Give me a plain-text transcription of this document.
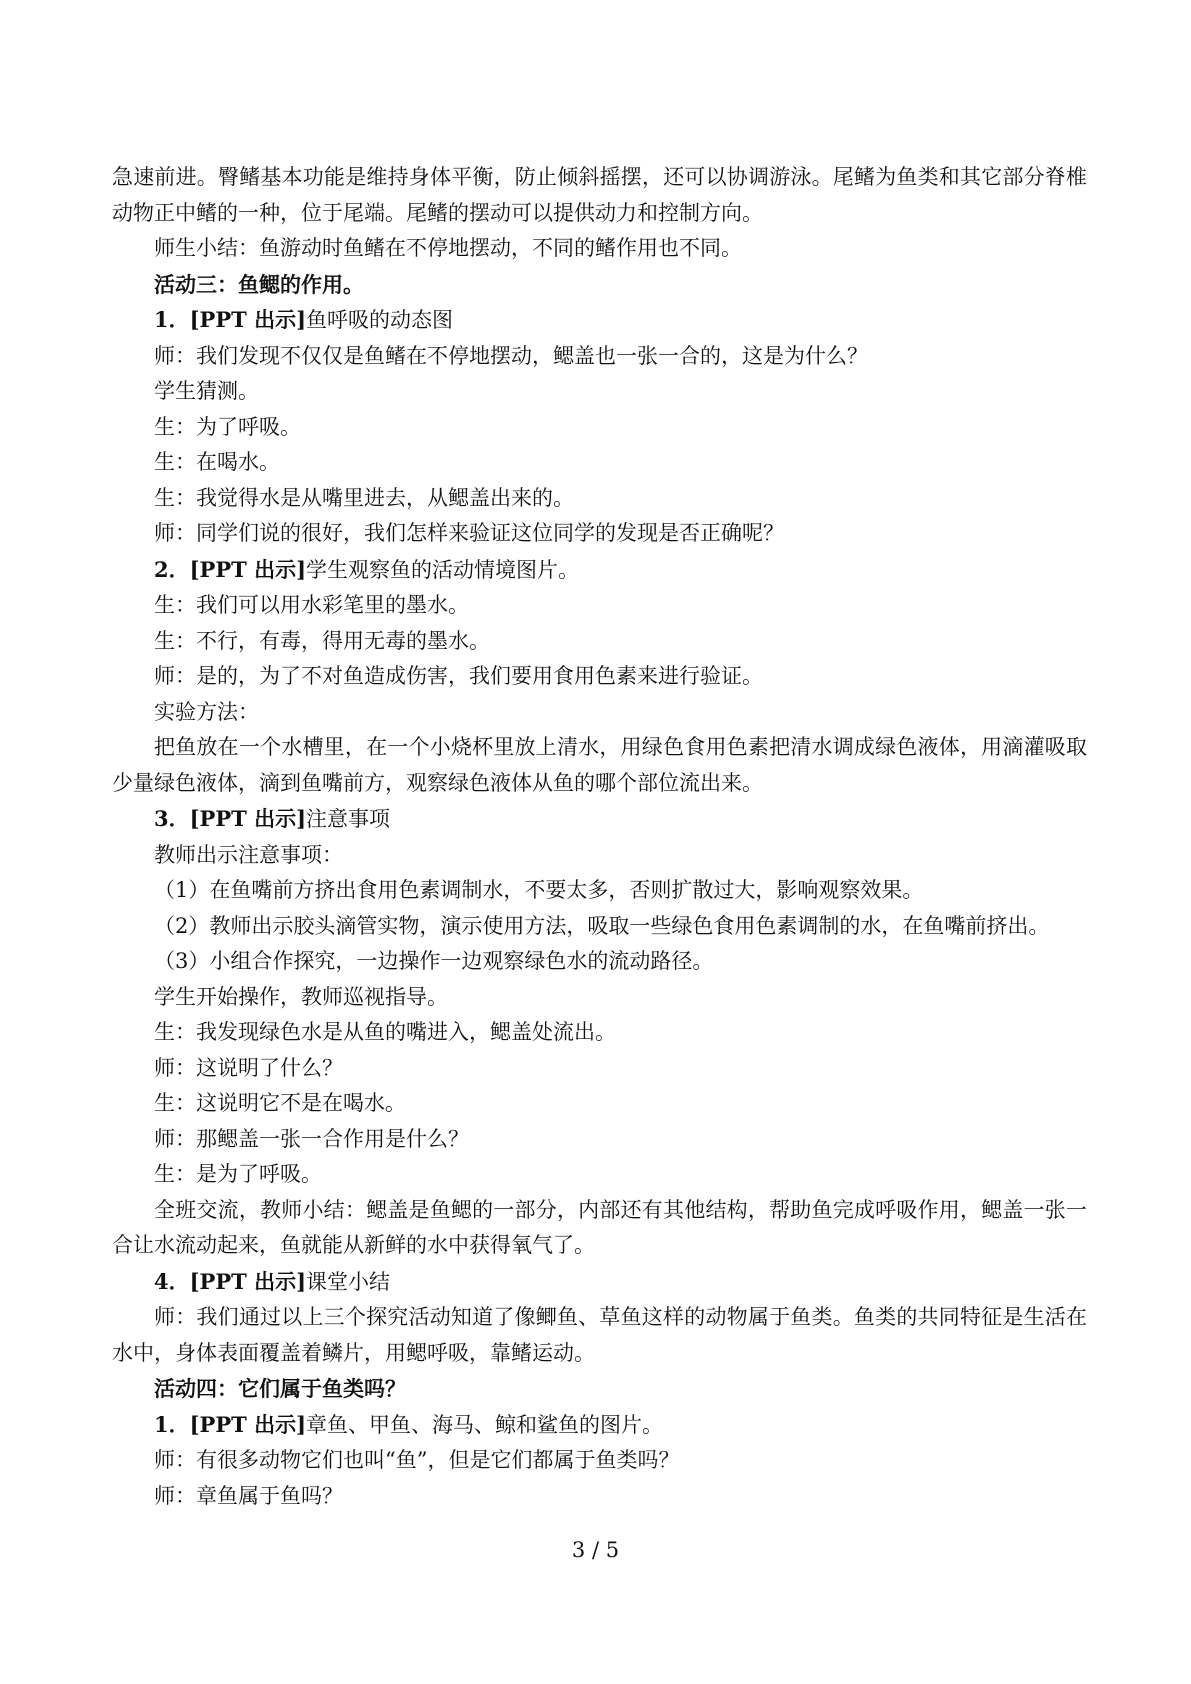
急速前进。臀鳍基本功能是维持身体平衡，防止倾斜摇摆，还可以协调游泳。尾鳍为鱼类和其它部分脊椎动物正中鳍的一种，位于尾端。尾鳍的摆动可以提供动力和控制方向。

师生小结：鱼游动时鱼鳍在不停地摆动，不同的鳍作用也不同。

活动三：鱼鳃的作用。

1．[PPT 出示]鱼呼吸的动态图

师：我们发现不仅仅是鱼鳍在不停地摆动，鳃盖也一张一合的，这是为什么？

学生猜测。

生：为了呼吸。

生：在喝水。

生：我觉得水是从嘴里进去，从鳃盖出来的。

师：同学们说的很好，我们怎样来验证这位同学的发现是否正确呢？

2．[PPT 出示]学生观察鱼的活动情境图片。

生：我们可以用水彩笔里的墨水。

生：不行，有毒，得用无毒的墨水。

师：是的，为了不对鱼造成伤害，我们要用食用色素来进行验证。

实验方法：

把鱼放在一个水槽里，在一个小烧杯里放上清水，用绿色食用色素把清水调成绿色液体，用滴灌吸取少量绿色液体，滴到鱼嘴前方，观察绿色液体从鱼的哪个部位流出来。

3．[PPT 出示]注意事项

教师出示注意事项：

（1）在鱼嘴前方挤出食用色素调制水，不要太多，否则扩散过大，影响观察效果。

（2）教师出示胶头滴管实物，演示使用方法，吸取一些绿色食用色素调制的水，在鱼嘴前挤出。

（3）小组合作探究，一边操作一边观察绿色水的流动路径。

学生开始操作，教师巡视指导。

生：我发现绿色水是从鱼的嘴进入，鳃盖处流出。

师：这说明了什么？

生：这说明它不是在喝水。

师：那鳃盖一张一合作用是什么？

生：是为了呼吸。

全班交流，教师小结：鳃盖是鱼鳃的一部分，内部还有其他结构，帮助鱼完成呼吸作用，鳃盖一张一合让水流动起来，鱼就能从新鲜的水中获得氧气了。

4．[PPT 出示]课堂小结

师：我们通过以上三个探究活动知道了像鲫鱼、草鱼这样的动物属于鱼类。鱼类的共同特征是生活在水中，身体表面覆盖着鳞片，用鳃呼吸，靠鳍运动。

活动四：它们属于鱼类吗？

1．[PPT 出示]章鱼、甲鱼、海马、鲸和鲨鱼的图片。

师：有很多动物它们也叫“鱼”，但是它们都属于鱼类吗？

师：章鱼属于鱼吗？

3 / 5
